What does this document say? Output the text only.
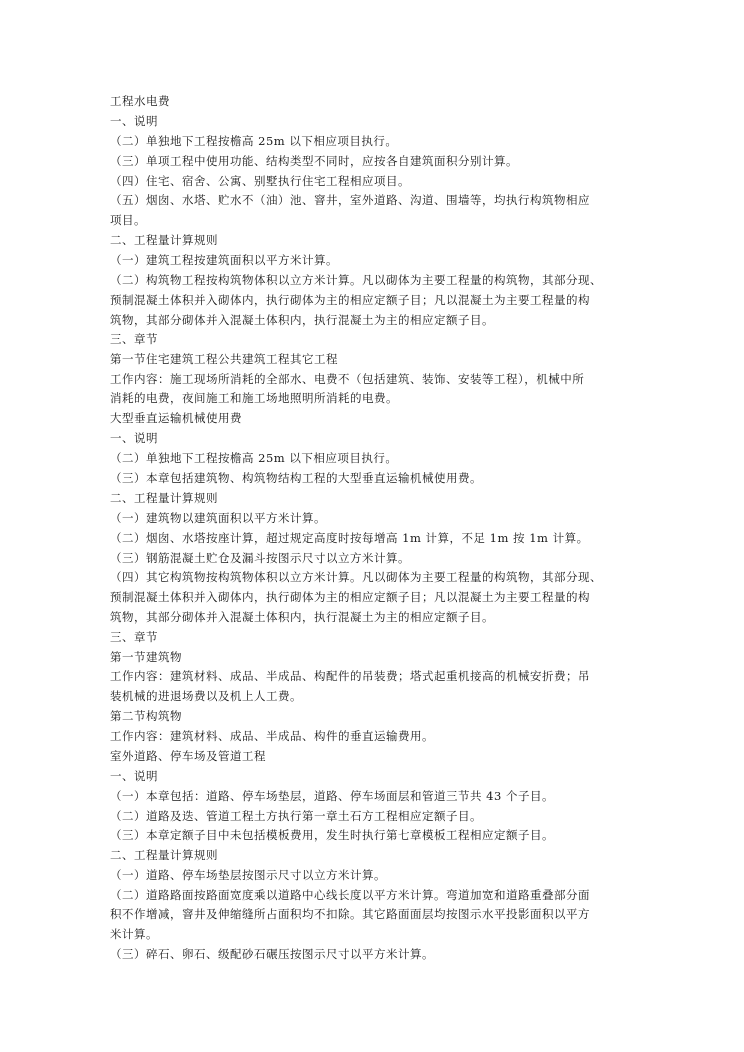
工程水电费
一、说明
（二）单独地下工程按檐高 25m 以下相应项目执行。
（三）单项工程中使用功能、结构类型不同时，应按各自建筑面积分别计算。
（四）住宅、宿舍、公寓、别墅执行住宅工程相应项目。
（五）烟囱、水塔、贮水不（油）池、窨井，室外道路、沟道、围墙等，均执行构筑物相应
项目。
二、工程量计算规则
（一）建筑工程按建筑面积以平方米计算。
（二）构筑物工程按构筑物体积以立方米计算。凡以砌体为主要工程量的构筑物，其部分现、
预制混凝土体积并入砌体内，执行砌体为主的相应定额子目；凡以混凝土为主要工程量的构
筑物，其部分砌体并入混凝土体积内，执行混凝土为主的相应定额子目。
三、章节
第一节住宅建筑工程公共建筑工程其它工程
工作内容：施工现场所消耗的全部水、电费不（包括建筑、装饰、安装等工程），机械中所
消耗的电费，夜间施工和施工场地照明所消耗的电费。
大型垂直运输机械使用费
一、说明
（二）单独地下工程按檐高 25m 以下相应项目执行。
（三）本章包括建筑物、构筑物结构工程的大型垂直运输机械使用费。
二、工程量计算规则
（一）建筑物以建筑面积以平方米计算。
（二）烟囱、水塔按座计算，超过规定高度时按每增高 1m 计算，不足 1m 按 1m 计算。
（三）钢筋混凝土贮仓及漏斗按图示尺寸以立方米计算。
（四）其它构筑物按构筑物体积以立方米计算。凡以砌体为主要工程量的构筑物，其部分现、
预制混凝土体积并入砌体内，执行砌体为主的相应定额子目；凡以混凝土为主要工程量的构
筑物，其部分砌体并入混凝土体积内，执行混凝土为主的相应定额子目。
三、章节
第一节建筑物
工作内容：建筑材料、成品、半成品、构配件的吊装费；塔式起重机接高的机械安折费；吊
装机械的进退场费以及机上人工费。
第二节构筑物
工作内容：建筑材料、成品、半成品、构件的垂直运输费用。
室外道路、停车场及管道工程
一、说明
（一）本章包括：道路、停车场垫层，道路、停车场面层和管道三节共 43 个子目。
（二）道路及迭、管道工程土方执行第一章土石方工程相应定额子目。
（三）本章定额子目中未包括模板费用，发生时执行第七章模板工程相应定额子目。
二、工程量计算规则
（一）道路、停车场垫层按图示尺寸以立方米计算。
（二）道路路面按路面宽度乘以道路中心线长度以平方米计算。弯道加宽和道路重叠部分面
积不作增减，窨井及伸缩缝所占面积均不扣除。其它路面面层均按图示水平投影面积以平方
米计算。
（三）碎石、卵石、级配砂石碾压按图示尺寸以平方米计算。
